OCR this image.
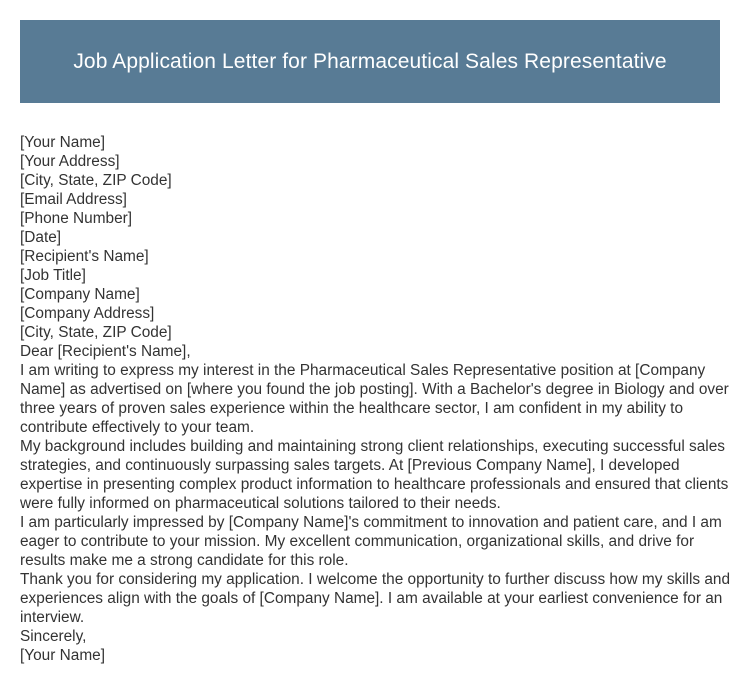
Job Application Letter for Pharmaceutical Sales Representative
[Your Name]
[Your Address]
[City, State, ZIP Code]
[Email Address]
[Phone Number]
[Date]
[Recipient's Name]
[Job Title]
[Company Name]
[Company Address]
[City, State, ZIP Code]
Dear [Recipient's Name],
I am writing to express my interest in the Pharmaceutical Sales Representative position at [Company Name] as advertised on [where you found the job posting]. With a Bachelor's degree in Biology and over three years of proven sales experience within the healthcare sector, I am confident in my ability to contribute effectively to your team.
My background includes building and maintaining strong client relationships, executing successful sales strategies, and continuously surpassing sales targets. At [Previous Company Name], I developed expertise in presenting complex product information to healthcare professionals and ensured that clients were fully informed on pharmaceutical solutions tailored to their needs.
I am particularly impressed by [Company Name]'s commitment to innovation and patient care, and I am eager to contribute to your mission. My excellent communication, organizational skills, and drive for results make me a strong candidate for this role.
Thank you for considering my application. I welcome the opportunity to further discuss how my skills and experiences align with the goals of [Company Name]. I am available at your earliest convenience for an interview.
Sincerely,
[Your Name]
